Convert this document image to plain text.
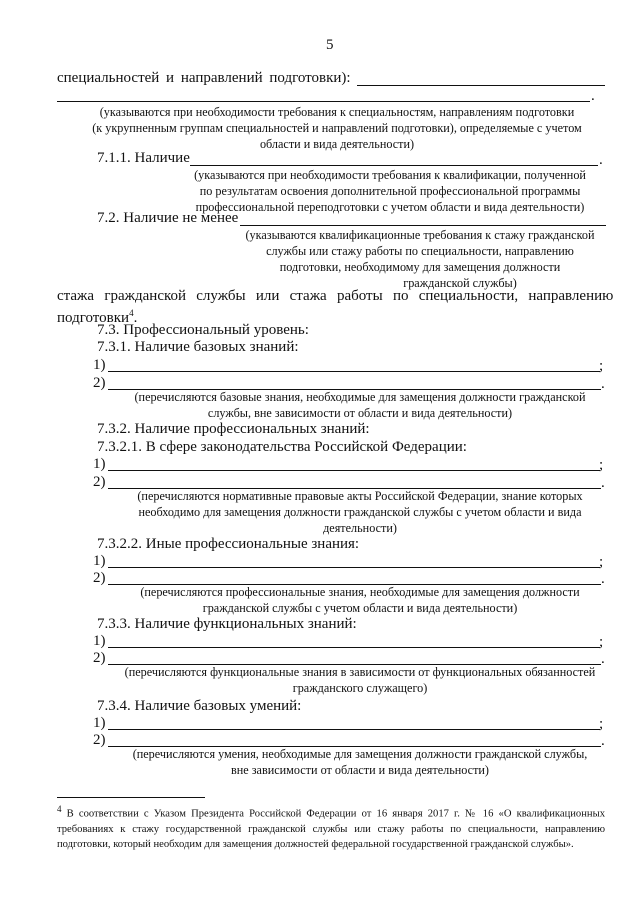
5
специальностей и направлений подготовки):
.
(указываются при необходимости требования к специальностям, направлениям подготовки
(к укрупненным группам специальностей и направлений подготовки), определяемые с учетом
области и вида деятельности)
7.1.1. Наличие	.
(указываются при необходимости требования к квалификации, полученной
по результатам освоения дополнительной профессиональной программы
профессиональной переподготовки с учетом области и вида деятельности)
7.2. Наличие не менее
(указываются квалификационные требования к стажу гражданской
службы или стажу работы по специальности, направлению
подготовки, необходимому для замещения должности
гражданской службы)
стажа гражданской службы или стажа работы по специальности, направлению
подготовки$^4$.
7.3. Профессиональный уровень:
7.3.1. Наличие базовых знаний:
1)	;
2)	.
(перечисляются базовые знания, необходимые для замещения должности гражданской
службы, вне зависимости от области и вида деятельности)
7.3.2. Наличие профессиональных знаний:
7.3.2.1. В сфере законодательства Российской Федерации:
1)	;
2)	.
(перечисляются нормативные правовые акты Российской Федерации, знание которых
необходимо для замещения должности гражданской службы с учетом области и вида
деятельности)
7.3.2.2. Иные профессиональные знания:
1)	;
2)	.
(перечисляются профессиональные знания, необходимые для замещения должности
гражданской службы с учетом области и вида деятельности)
7.3.3. Наличие функциональных знаний:
1)	;
2)	.
(перечисляются функциональные знания в зависимости от функциональных обязанностей
гражданского служащего)
7.3.4. Наличие базовых умений:
1)	;
2)	.
(перечисляются умения, необходимые для замещения должности гражданской службы,
вне зависимости от области и вида деятельности)
$^4$ В соответствии с Указом Президента Российской Федерации от 16 января 2017 г. № 16 «О квалификационных требованиях к стажу государственной гражданской службы или стажу работы по специальности, направлению подготовки, который необходим для замещения должностей федеральной государственной гражданской службы».
